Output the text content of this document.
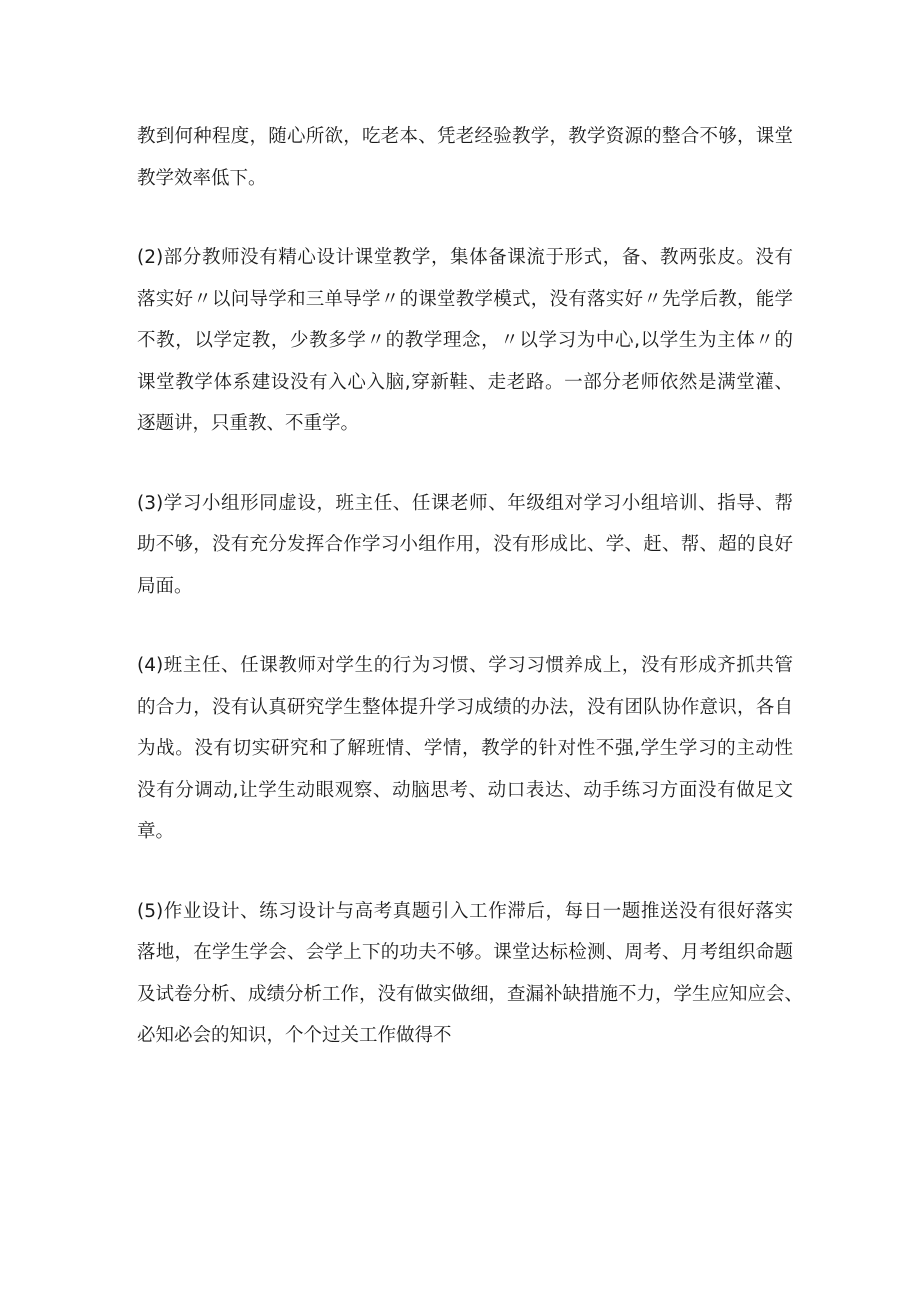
教到何种程度，随心所欲，吃老本、凭老经验教学，教学资源的整合不够，课堂
教学效率低下。

(2)部分教师没有精心设计课堂教学，集体备课流于形式，备、教两张皮。没有
落实好〃以问导学和三单导学〃的课堂教学模式，没有落实好〃先学后教，能学
不教，以学定教，少教多学〃的教学理念，〃以学习为中心,以学生为主体〃的
课堂教学体系建设没有入心入脑,穿新鞋、走老路。一部分老师依然是满堂灌、
逐题讲，只重教、不重学。

(3)学习小组形同虚设，班主任、任课老师、年级组对学习小组培训、指导、帮
助不够，没有充分发挥合作学习小组作用，没有形成比、学、赶、帮、超的良好
局面。

(4)班主任、任课教师对学生的行为习惯、学习习惯养成上，没有形成齐抓共管
的合力，没有认真研究学生整体提升学习成绩的办法，没有团队协作意识，各自
为战。没有切实研究和了解班情、学情，教学的针对性不强,学生学习的主动性
没有分调动,让学生动眼观察、动脑思考、动口表达、动手练习方面没有做足文
章。

(5)作业设计、练习设计与高考真题引入工作滞后，每日一题推送没有很好落实
落地，在学生学会、会学上下的功夫不够。课堂达标检测、周考、月考组织命题
及试卷分析、成绩分析工作，没有做实做细，查漏补缺措施不力，学生应知应会、
必知必会的知识，个个过关工作做得不
